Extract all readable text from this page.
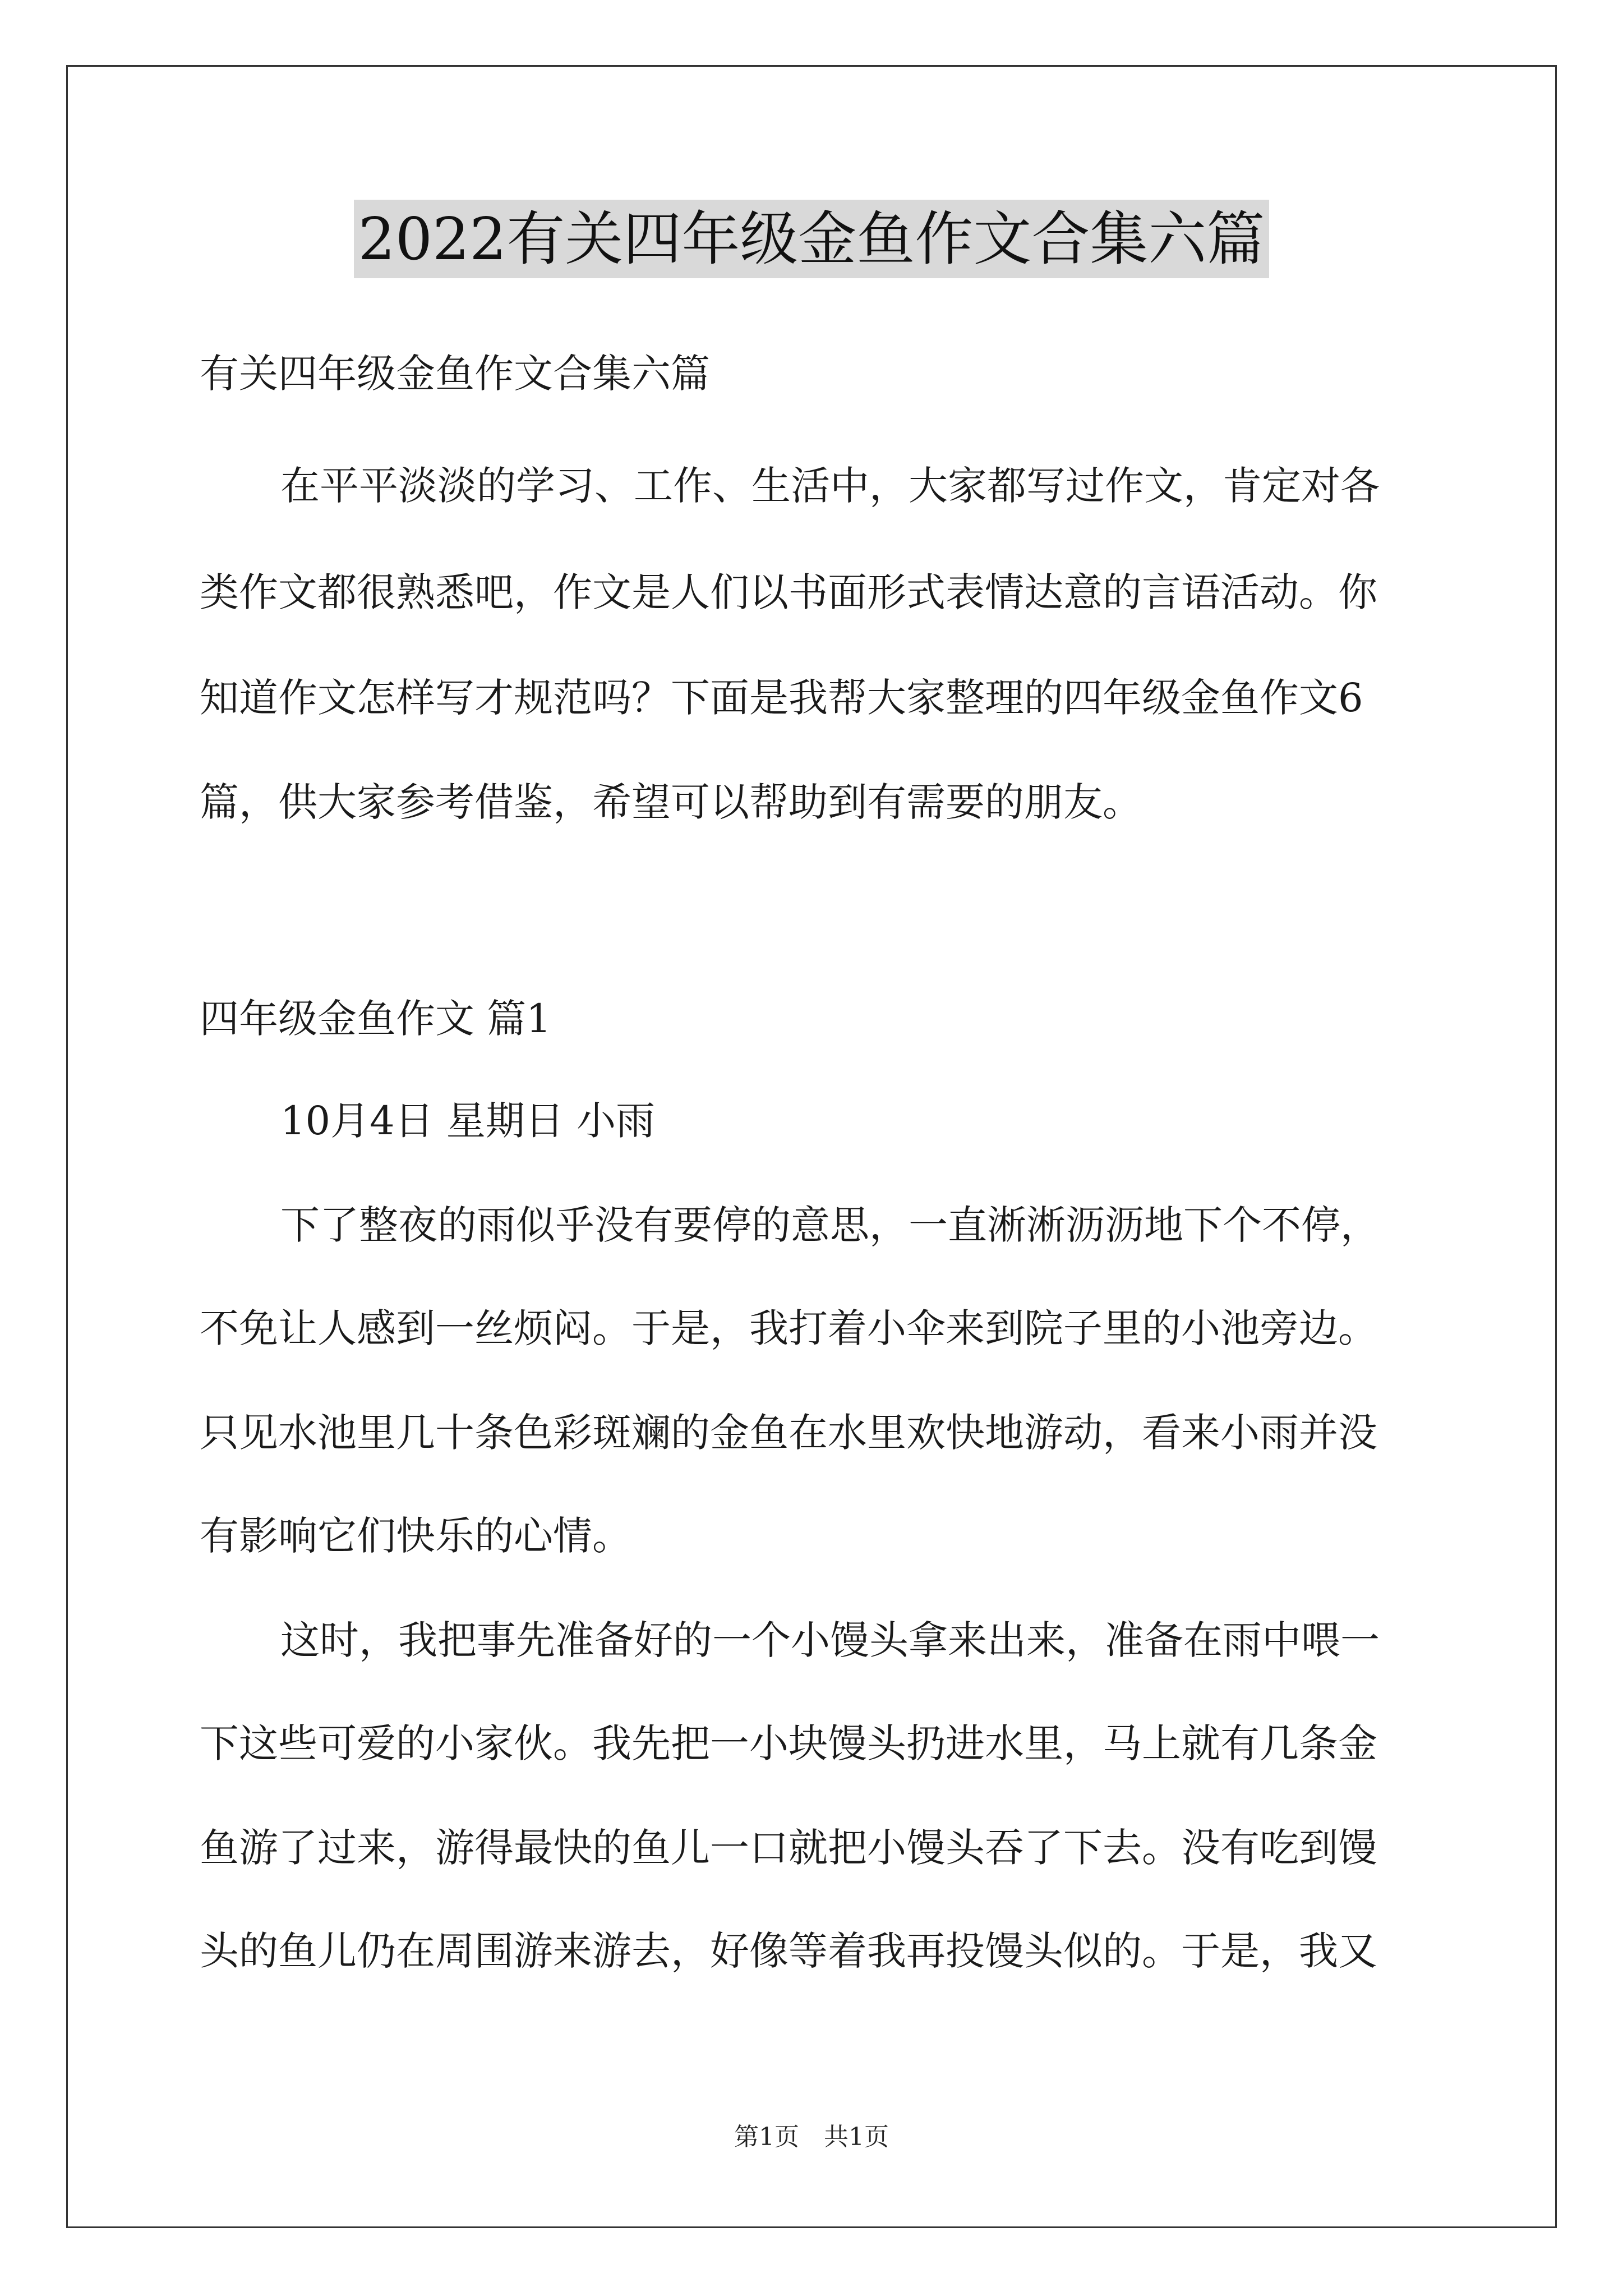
2022有关四年级金鱼作文合集六篇
有关四年级金鱼作文合集六篇
在平平淡淡的学习、工作、生活中，大家都写过作文，肯定对各
类作文都很熟悉吧，作文是人们以书面形式表情达意的言语活动。你
知道作文怎样写才规范吗？下面是我帮大家整理的四年级金鱼作文6
篇，供大家参考借鉴，希望可以帮助到有需要的朋友。
四年级金鱼作文 篇1
10月4日 星期日 小雨
下了整夜的雨似乎没有要停的意思，一直淅淅沥沥地下个不停，
不免让人感到一丝烦闷。于是，我打着小伞来到院子里的小池旁边。
只见水池里几十条色彩斑斓的金鱼在水里欢快地游动，看来小雨并没
有影响它们快乐的心情。
这时，我把事先准备好的一个小馒头拿来出来，准备在雨中喂一
下这些可爱的小家伙。我先把一小块馒头扔进水里，马上就有几条金
鱼游了过来，游得最快的鱼儿一口就把小馒头吞了下去。没有吃到馒
头的鱼儿仍在周围游来游去，好像等着我再投馒头似的。于是，我又
第1页　共1页
